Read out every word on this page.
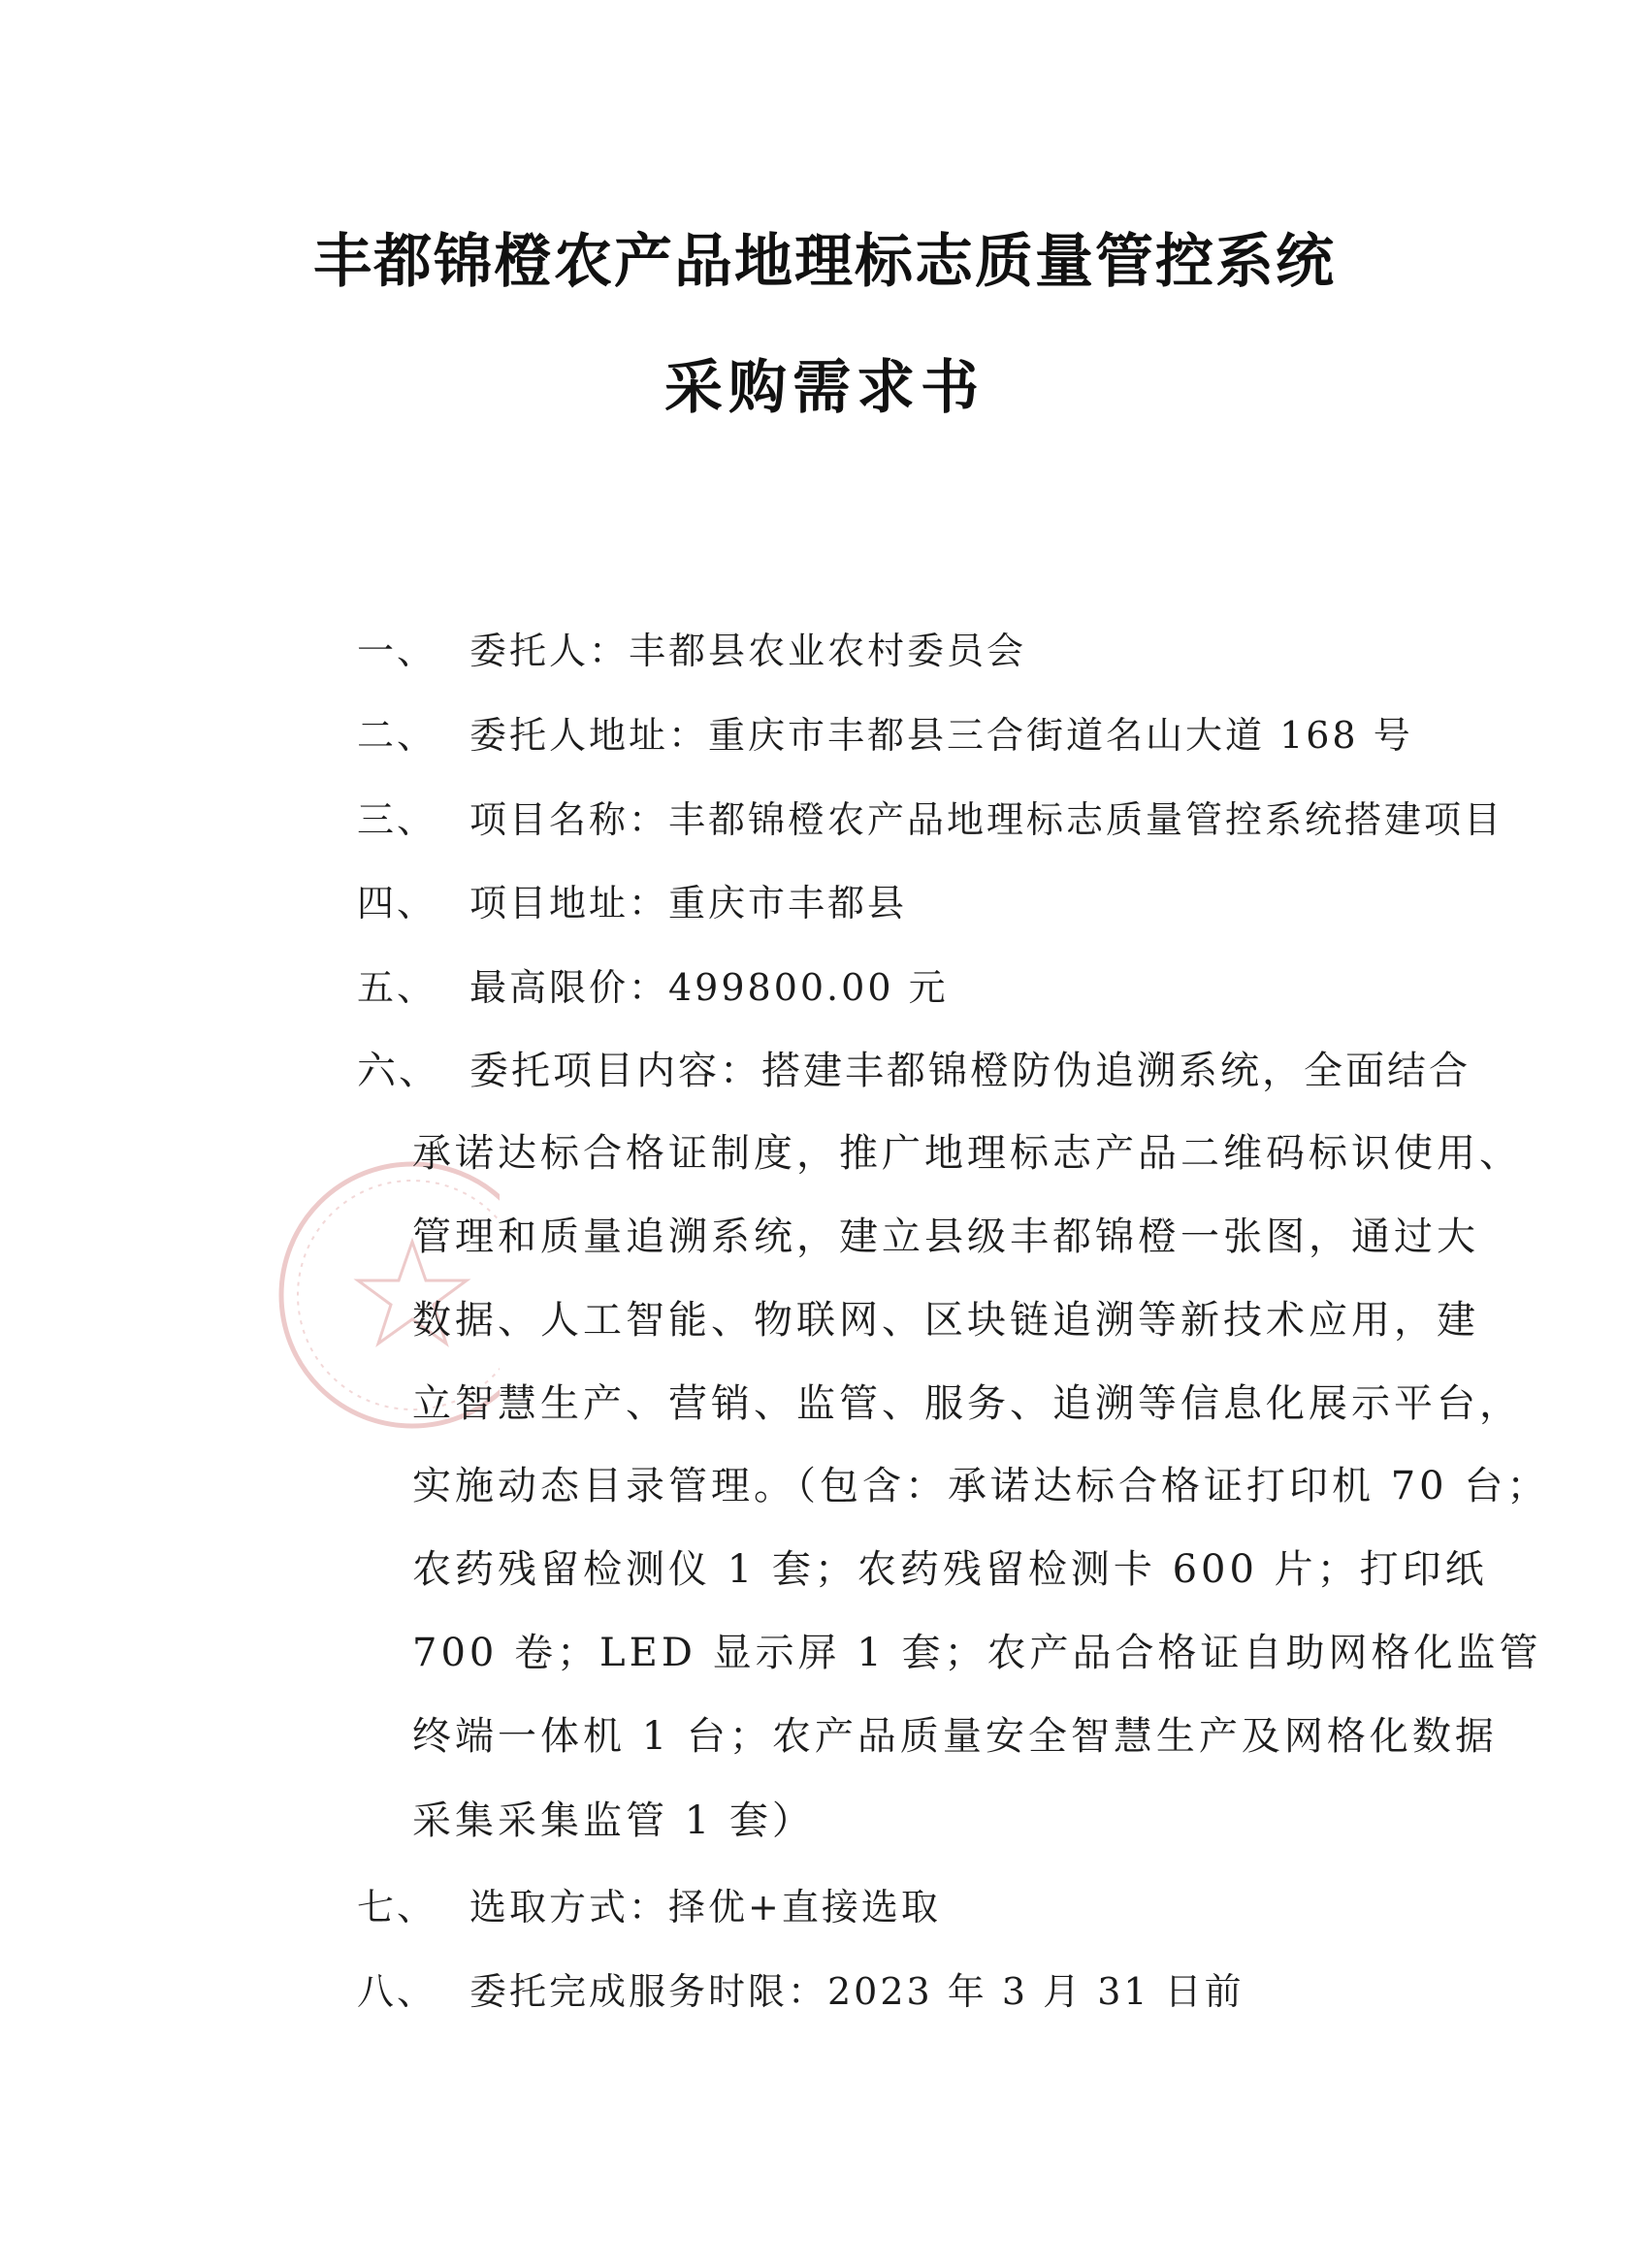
丰都锦橙农产品地理标志质量管控系统
采购需求书
一、 委托人：丰都县农业农村委员会
二、 委托人地址：重庆市丰都县三合街道名山大道 168 号
三、 项目名称：丰都锦橙农产品地理标志质量管控系统搭建项目
四、 项目地址：重庆市丰都县
五、 最高限价：499800.00 元
六、 委托项目内容：搭建丰都锦橙防伪追溯系统，全面结合
承诺达标合格证制度，推广地理标志产品二维码标识使用、
管理和质量追溯系统，建立县级丰都锦橙一张图，通过大
数据、人工智能、物联网、区块链追溯等新技术应用，建
立智慧生产、营销、监管、服务、追溯等信息化展示平台，
实施动态目录管理。（包含：承诺达标合格证打印机 70 台；
农药残留检测仪 1 套；农药残留检测卡 600 片；打印纸
700 卷；LED 显示屏 1 套；农产品合格证自助网格化监管
终端一体机 1 台；农产品质量安全智慧生产及网格化数据
采集采集监管 1 套）
七、 选取方式：择优+直接选取
八、 委托完成服务时限：2023 年 3 月 31 日前
